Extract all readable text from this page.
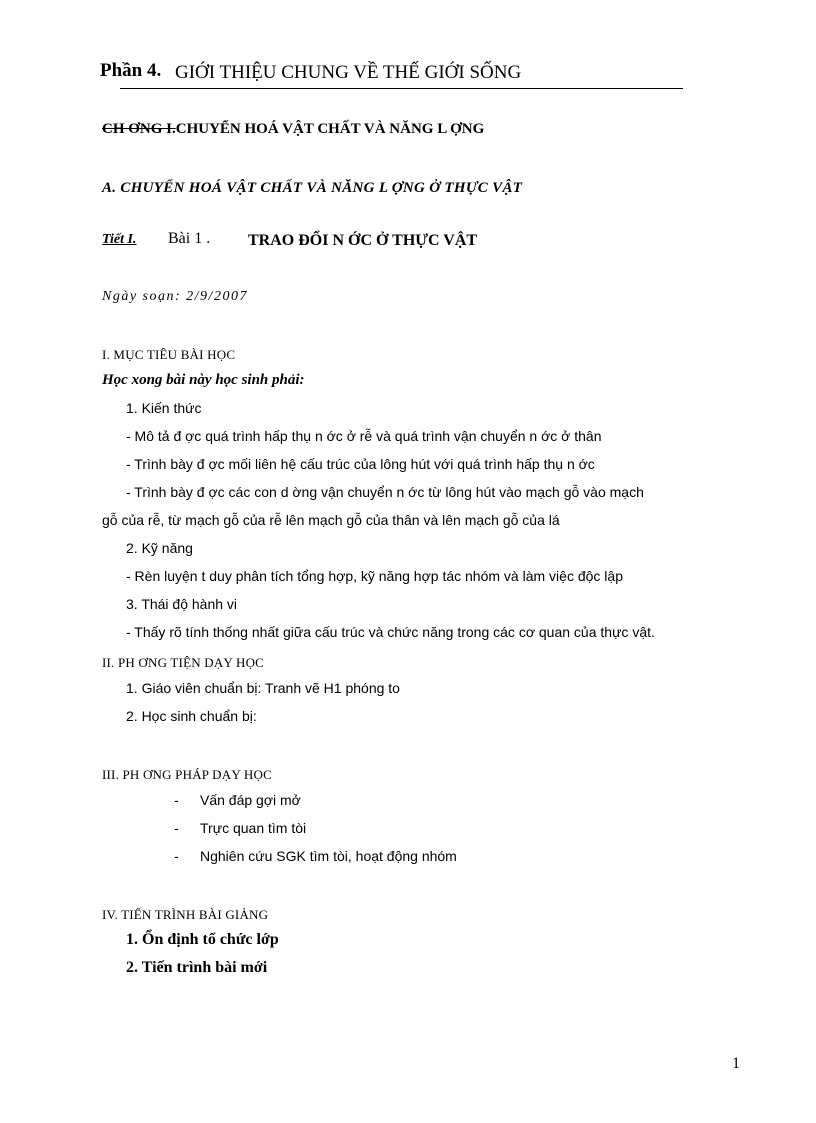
Phần 4. GIỚI THIỆU CHUNG VỀ THẾ GIỚI SỐNG
CH ƠNG I.CHUYỂN HOÁ VẬT CHẤT VÀ NĂNG L ỢNG
A. CHUYỂN HOÁ VẬT CHẤT VÀ NĂNG L ỢNG Ở THỰC VẬT
Tiết I. Bài 1 . TRAO ĐỔI N ỚC Ở THỰC VẬT
Ngày soạn: 2/9/2007
I. MỤC TIÊU BÀI HỌC
Học xong bài này học sinh phải:
1. Kiến thức
- Mô tả đ ợc quá trình hấp thụ n ớc ở rễ và quá trình vận chuyển n ớc ở thân
- Trình bày đ ợc mối liên hệ cấu trúc của lông hút với quá trình hấp thụ n ớc
- Trình bày đ ợc các con d ờng vận chuyển n ớc từ lông hút vào mạch gỗ vào mạch
gỗ của rễ, từ mạch gỗ của rễ lên mạch gỗ của thân và lên mạch gỗ của lá
2. Kỹ năng
- Rèn luyện t duy phân tích tổng hợp, kỹ năng hợp tác nhóm và làm việc độc lập
3. Thái độ hành vi
- Thấy rõ tính thống nhất giữa cấu trúc và chức năng trong các cơ quan của thực vật.
II. PH ƠNG TIỆN DẠY HỌC
1. Giáo viên chuẩn bị: Tranh vẽ H1 phóng to
2. Học sinh chuẩn bị:
III. PH ƠNG PHÁP DẠY HỌC
- Vấn đáp gợi mở
- Trực quan tìm tòi
- Nghiên cứu SGK tìm tòi, hoạt động nhóm
IV. TIẾN TRÌNH BÀI GIẢNG
1. Ổn định tổ chức lớp
2. Tiến trình bài mới
1
